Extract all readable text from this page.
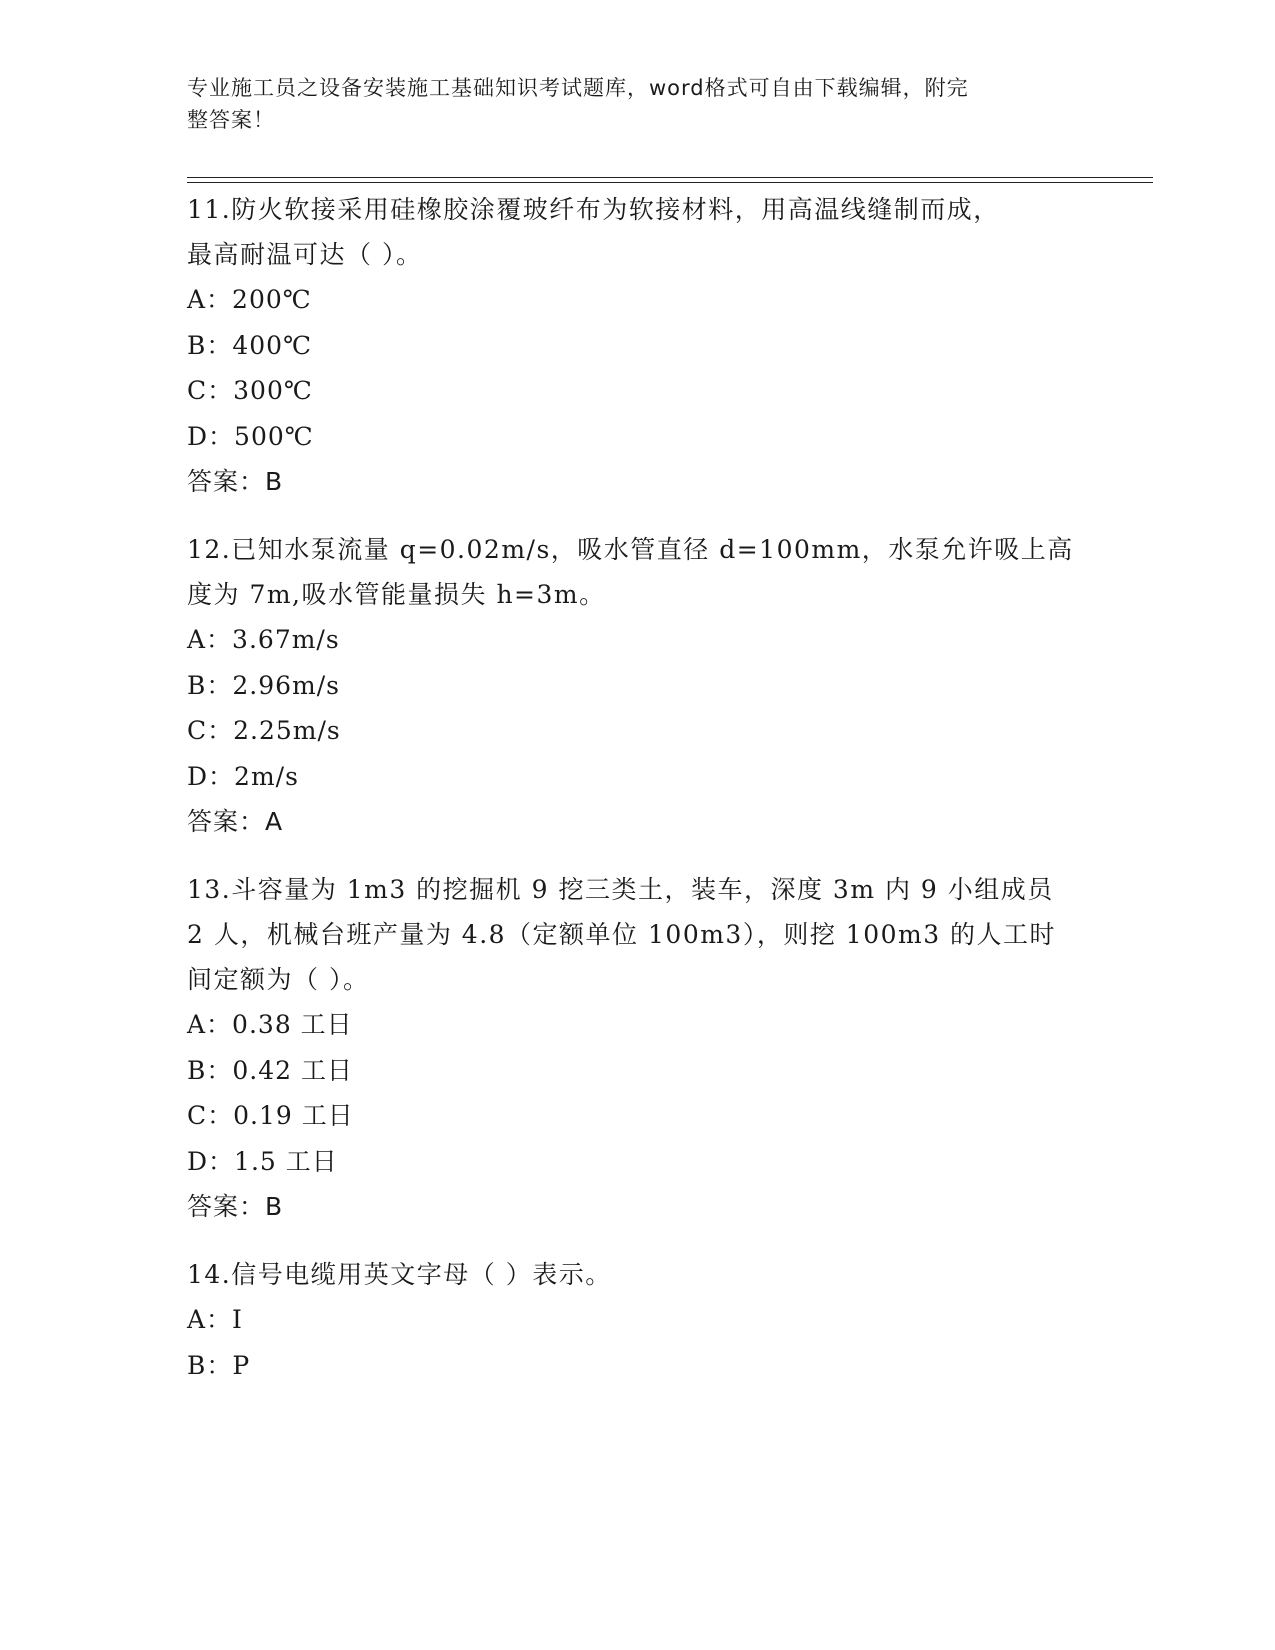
专业施工员之设备安装施工基础知识考试题库，word格式可自由下载编辑，附完
整答案！
11.防火软接采用硅橡胶涂覆玻纤布为软接材料，用高温线缝制而成，
最高耐温可达（ ）。
A：200℃
B：400℃
C：300℃
D：500℃
答案：B
12.已知水泵流量 q=0.02m/s，吸水管直径 d=100mm，水泵允许吸上高
度为 7m,吸水管能量损失 h=3m。
A：3.67m/s
B：2.96m/s
C：2.25m/s
D：2m/s
答案：A
13.斗容量为 1m3 的挖掘机 9 挖三类土，装车，深度 3m 内 9 小组成员
2 人，机械台班产量为 4.8（定额单位 100m3），则挖 100m3 的人工时
间定额为（ ）。
A：0.38 工日
B：0.42 工日
C：0.19 工日
D：1.5 工日
答案：B
14.信号电缆用英文字母（ ）表示。
A：I
B：P
